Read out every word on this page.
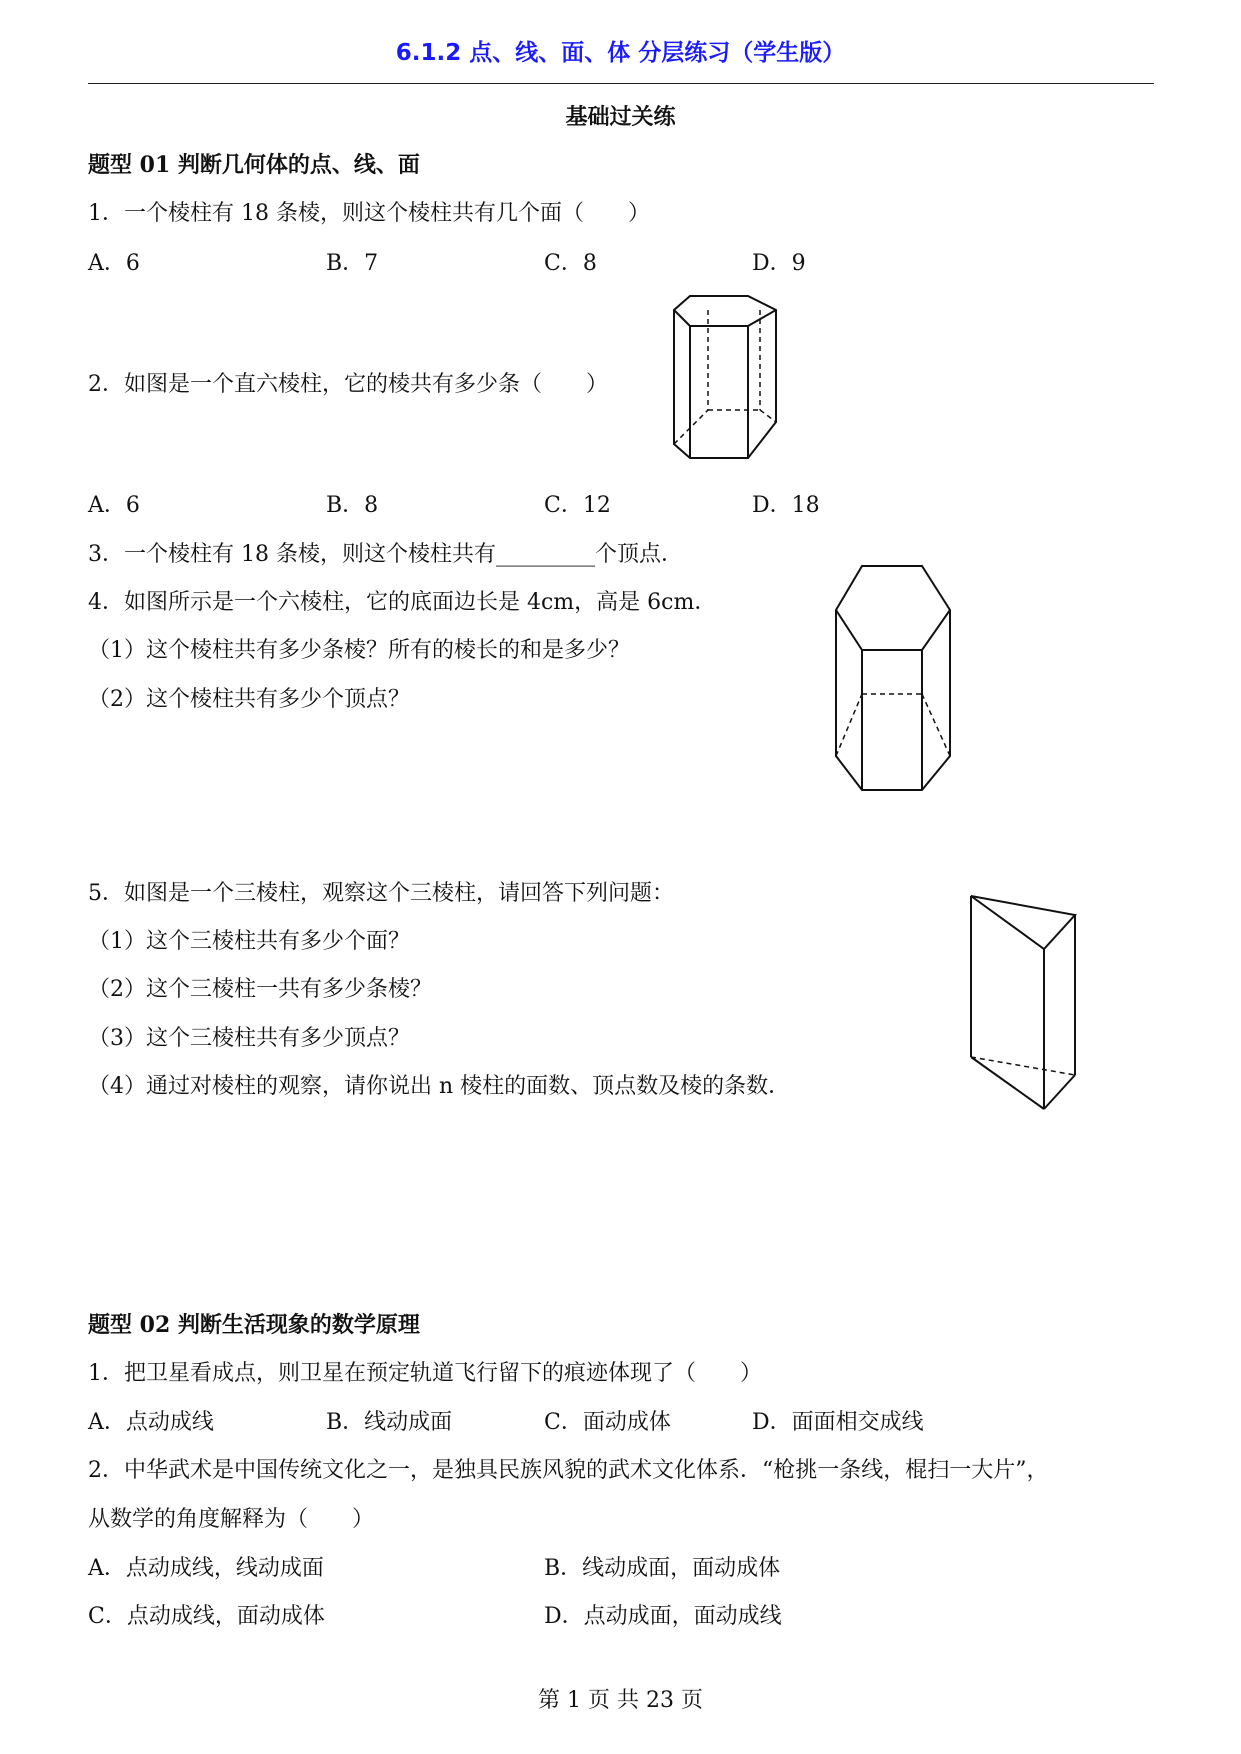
6.1.2 点、线、面、体 分层练习（学生版）
基础过关练
题型 01 判断几何体的点、线、面
1．一个棱柱有 18 条棱，则这个棱柱共有几个面（　　）
A．6	B．7	C．8	D．9
2．如图是一个直六棱柱，它的棱共有多少条（　　）
A．6	B．8	C．12	D．18
3．一个棱柱有 18 条棱，则这个棱柱共有_________个顶点．
4．如图所示是一个六棱柱，它的底面边长是 4cm，高是 6cm．
（1）这个棱柱共有多少条棱？所有的棱长的和是多少？
（2）这个棱柱共有多少个顶点？
5．如图是一个三棱柱，观察这个三棱柱，请回答下列问题：
（1）这个三棱柱共有多少个面？
（2）这个三棱柱一共有多少条棱？
（3）这个三棱柱共有多少顶点？
（4）通过对棱柱的观察，请你说出 n 棱柱的面数、顶点数及棱的条数．
题型 02 判断生活现象的数学原理
1．把卫星看成点，则卫星在预定轨道飞行留下的痕迹体现了（　　）
A．点动成线	B．线动成面	C．面动成体	D．面面相交成线
2．中华武术是中国传统文化之一，是独具民族风貌的武术文化体系．“枪挑一条线，棍扫一大片”，
从数学的角度解释为（　　）
A．点动成线，线动成面	B．线动成面，面动成体
C．点动成线，面动成体	D．点动成面，面动成线
第 1 页 共 23 页
